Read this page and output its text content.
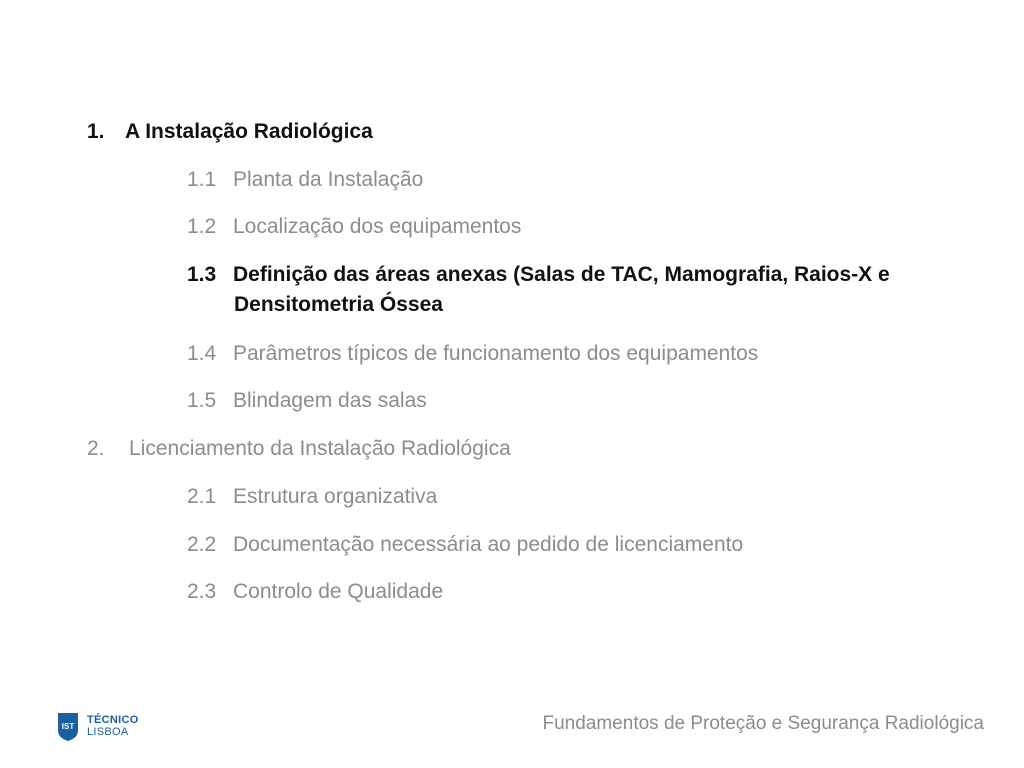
1. A Instalação Radiológica
1.1 Planta da Instalação
1.2 Localização dos equipamentos
1.3 Definição das áreas anexas (Salas de TAC, Mamografia, Raios-X e
Densitometria Óssea
1.4 Parâmetros típicos de funcionamento dos equipamentos
1.5 Blindagem das salas
2. Licenciamento da Instalação Radiológica
2.1 Estrutura organizativa
2.2 Documentação necessária ao pedido de licenciamento
2.3 Controlo de Qualidade
IST
TÉCNICO
LISBOA	Fundamentos de Proteção e Segurança Radiológica
